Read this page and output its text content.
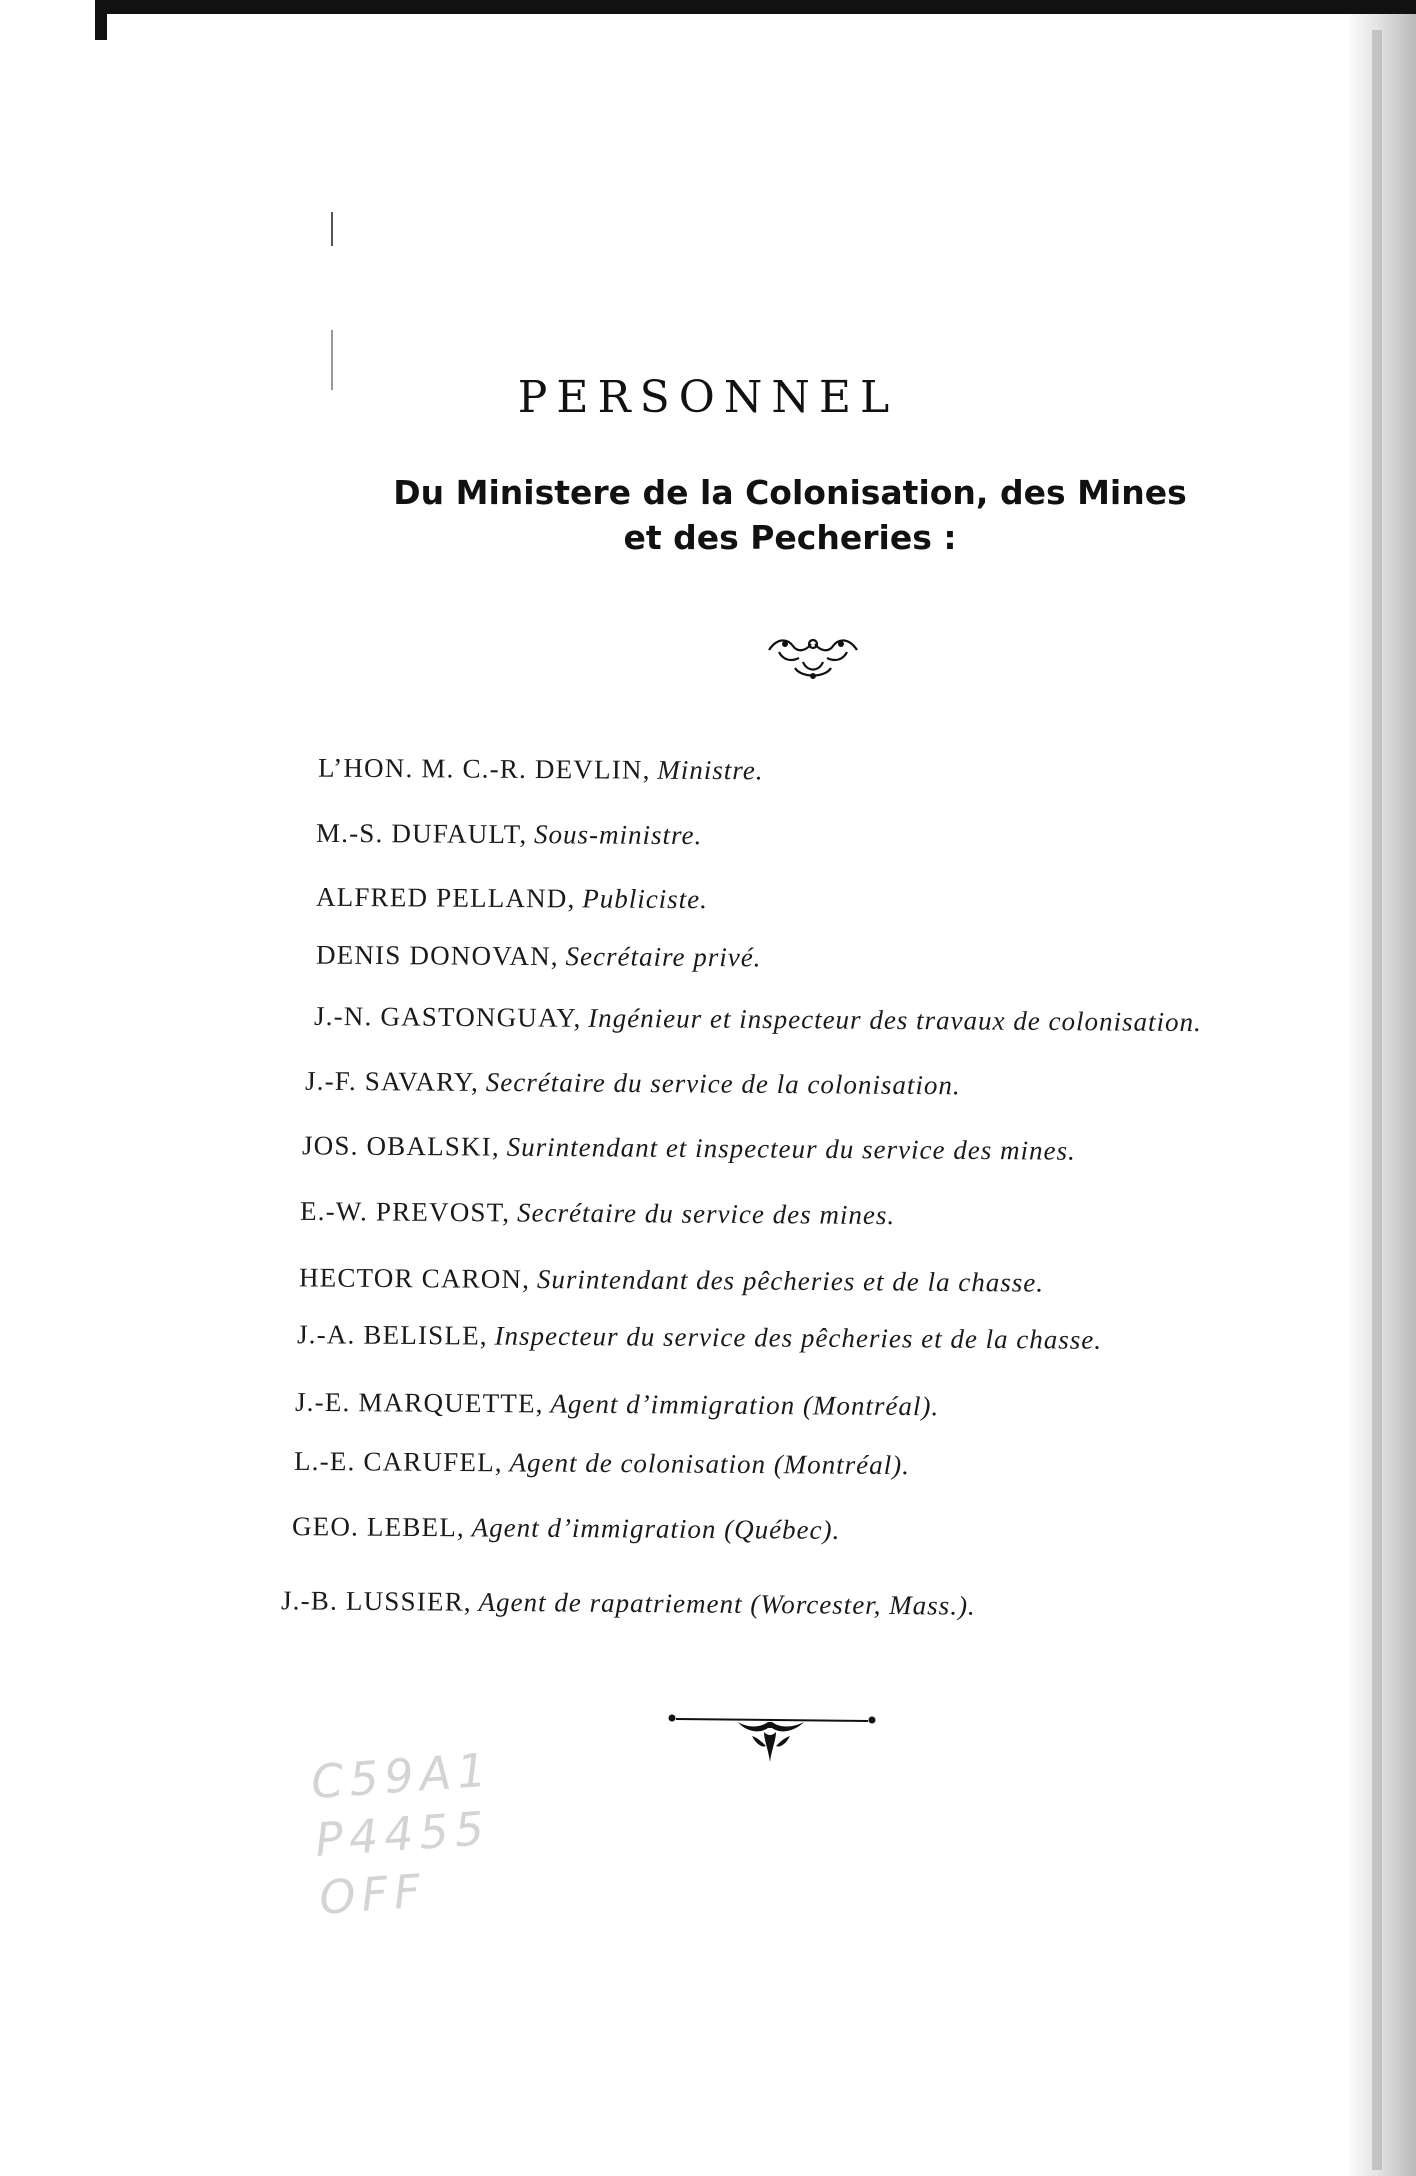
PERSONNEL
Du Ministere de la Colonisation, des Mines
et des Pecheries :
L’HON. M. C.-R. DEVLIN, Ministre.
M.-S. DUFAULT, Sous-ministre.
ALFRED PELLAND, Publiciste.
DENIS DONOVAN, Secrétaire privé.
J.-N. GASTONGUAY, Ingénieur et inspecteur des travaux de colonisation.
J.-F. SAVARY, Secrétaire du service de la colonisation.
JOS. OBALSKI, Surintendant et inspecteur du service des mines.
E.-W. PREVOST, Secrétaire du service des mines.
HECTOR CARON, Surintendant des pêcheries et de la chasse.
J.-A. BELISLE, Inspecteur du service des pêcheries et de la chasse.
J.-E. MARQUETTE, Agent d’immigration (Montréal).
L.-E. CARUFEL, Agent de colonisation (Montréal).
GEO. LEBEL, Agent d’immigration (Québec).
J.-B. LUSSIER, Agent de rapatriement (Worcester, Mass.).
C59A1
P4455
OFF
